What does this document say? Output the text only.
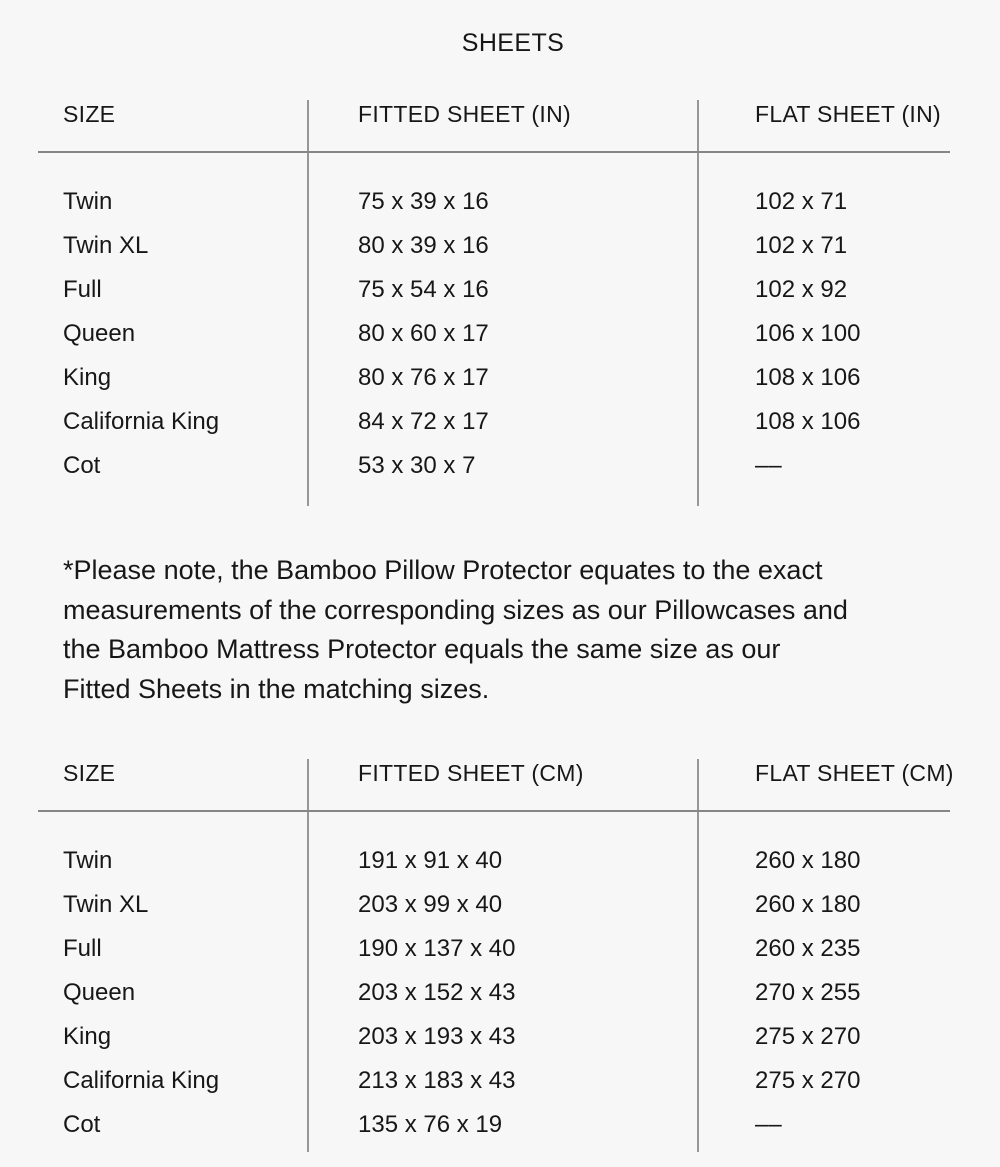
SHEETS
SIZE	FITTED SHEET (IN)	FLAT SHEET (IN)
Twin	75 x 39 x 16	102 x 71
Twin XL	80 x 39 x 16	102 x 71
Full	75 x 54 x 16	102 x 92
Queen	80 x 60 x 17	106 x 100
King	80 x 76 x 17	108 x 106
California King	84 x 72 x 17	108 x 106
Cot	53 x 30 x 7	––
*Please note, the Bamboo Pillow Protector equates to the exact
measurements of the corresponding sizes as our Pillowcases and
the Bamboo Mattress Protector equals the same size as our
Fitted Sheets in the matching sizes.
SIZE	FITTED SHEET (CM)	FLAT SHEET (CM)
Twin	191 x 91 x 40	260 x 180
Twin XL	203 x 99 x 40	260 x 180
Full	190 x 137 x 40	260 x 235
Queen	203 x 152 x 43	270 x 255
King	203 x 193 x 43	275 x 270
California King	213 x 183 x 43	275 x 270
Cot	135 x 76 x 19	––
